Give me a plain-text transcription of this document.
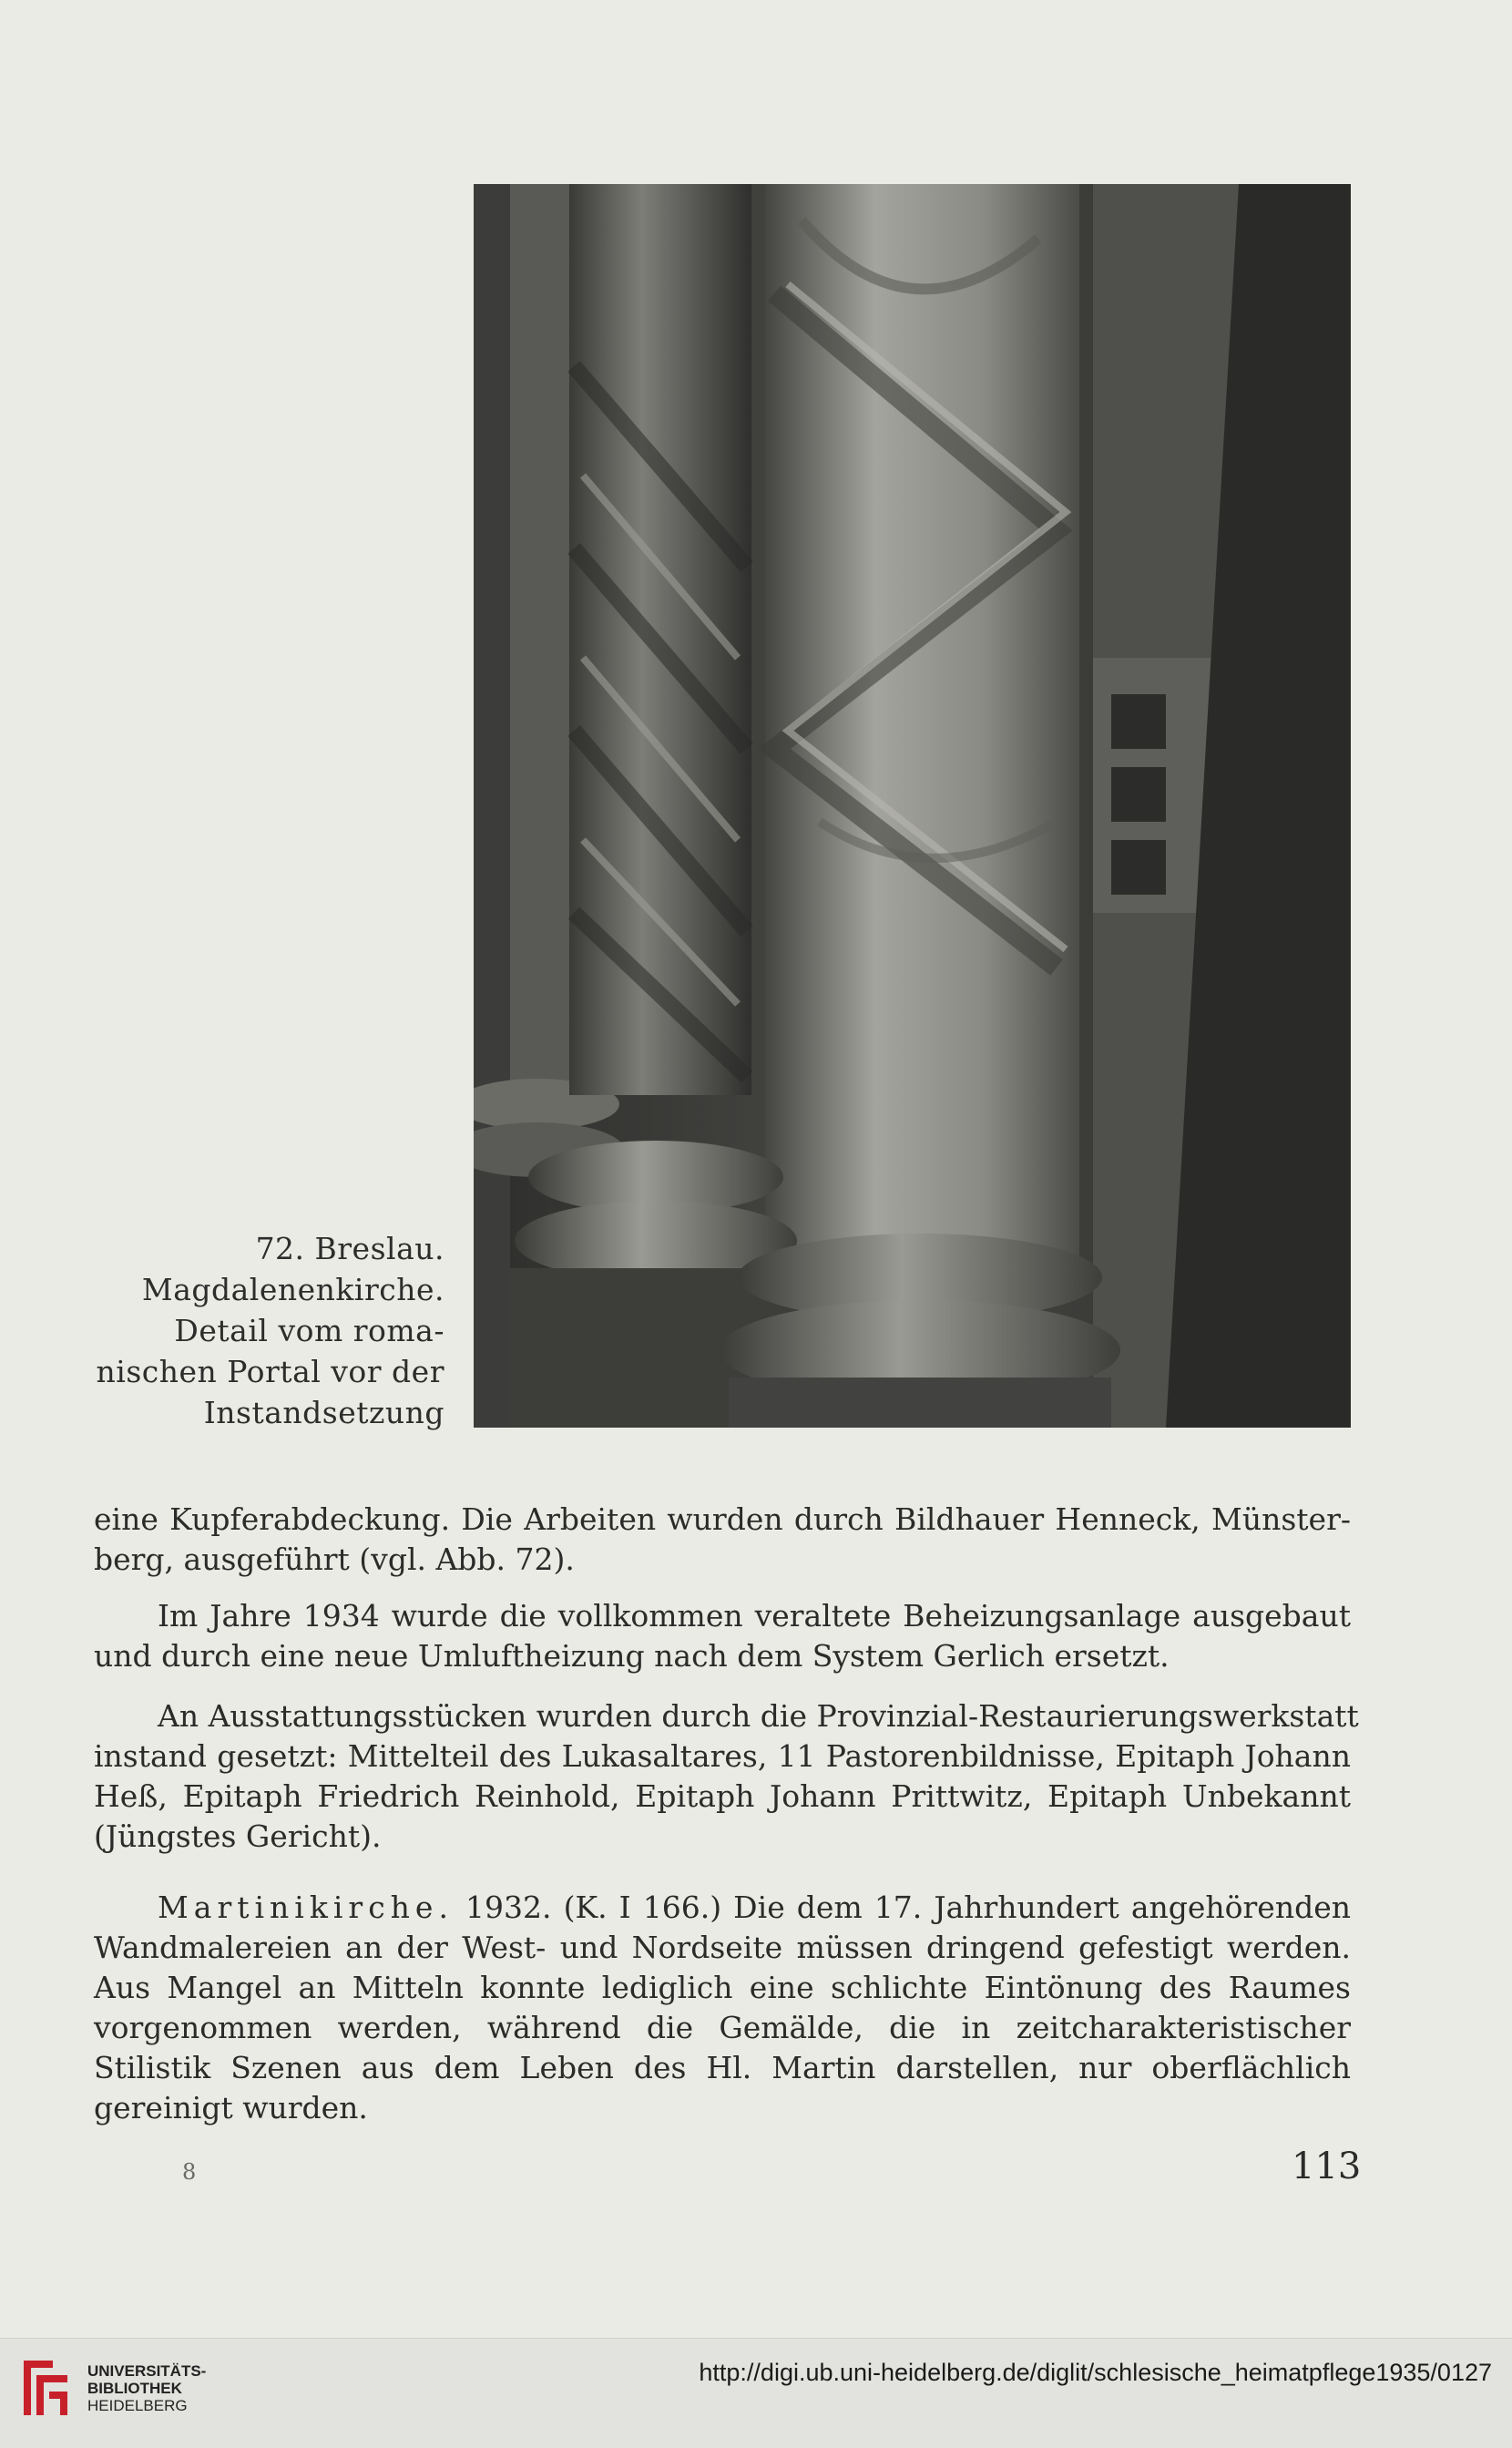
72. Breslau.
Magdalenenkirche.
Detail vom roma-
nischen Portal vor der
Instandsetzung
eine Kupferabdeckung. Die Arbeiten wurden durch Bildhauer Henneck, Münster-
berg, ausgeführt (vgl. Abb. 72).
Im Jahre 1934 wurde die vollkommen veraltete Beheizungsanlage ausgebaut
und durch eine neue Umluftheizung nach dem System Gerlich ersetzt.
An Ausstattungsstücken wurden durch die Provinzial-Restaurierungswerkstatt
instand gesetzt: Mittelteil des Lukasaltares, 11 Pastorenbildnisse, Epitaph Johann
Heß, Epitaph Friedrich Reinhold, Epitaph Johann Prittwitz, Epitaph Unbekannt
(Jüngstes Gericht).
Martinikirche. 1932. (K. I 166.) Die dem 17. Jahrhundert angehörenden
Wandmalereien an der West- und Nordseite müssen dringend gefestigt werden.
Aus Mangel an Mitteln konnte lediglich eine schlichte Eintönung des Raumes
vorgenommen werden, während die Gemälde, die in zeitcharakteristischer
Stilistik Szenen aus dem Leben des Hl. Martin darstellen, nur oberflächlich
gereinigt wurden.
8	113
UNIVERSITÄTS-
BIBLIOTHEK
HEIDELBERG
http://digi.ub.uni-heidelberg.de/diglit/schlesische_heimatpflege1935/0127
